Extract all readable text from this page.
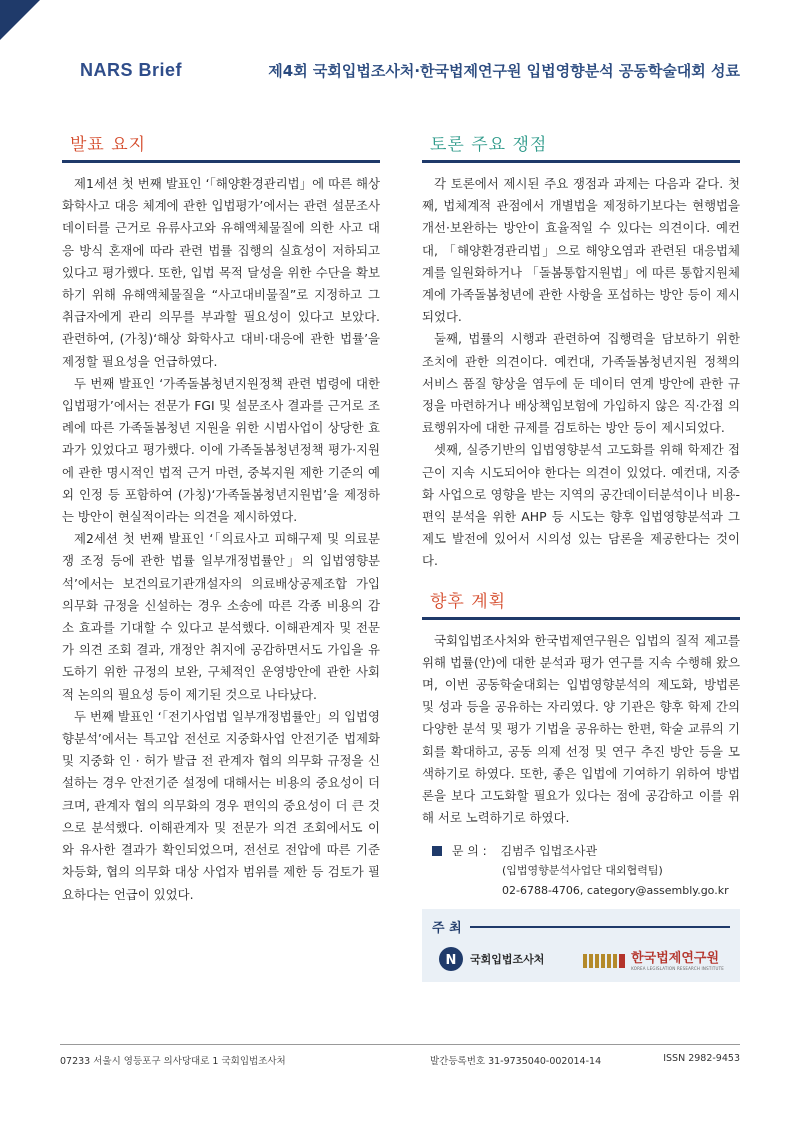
NARS Brief	제4회 국회입법조사처·한국법제연구원 입법영향분석 공동학술대회 성료
발표 요지

제1세션 첫 번째 발표인 ‘「해양환경관리법」에 따른 해상화학사고 대응 체계에 관한 입법평가’에서는 관련 설문조사 데이터를 근거로 유류사고와 유해액체물질에 의한 사고 대응 방식 혼재에 따라 관련 법률 집행의 실효성이 저하되고 있다고 평가했다. 또한, 입법 목적 달성을 위한 수단을 확보하기 위해 유해액체물질을 “사고대비물질”로 지정하고 그 취급자에게 관리 의무를 부과할 필요성이 있다고 보았다. 관련하여, (가칭)‘해상 화학사고 대비·대응에 관한 법률’을 제정할 필요성을 언급하였다.

두 번째 발표인 ‘가족돌봄청년지원정책 관련 법령에 대한 입법평가’에서는 전문가 FGI 및 설문조사 결과를 근거로 조례에 따른 가족돌봄청년 지원을 위한 시범사업이 상당한 효과가 있었다고 평가했다. 이에 가족돌봄청년정책 평가·지원에 관한 명시적인 법적 근거 마련, 중복지원 제한 기준의 예외 인정 등 포함하여 (가칭)‘가족돌봄청년지원법’을 제정하는 방안이 현실적이라는 의견을 제시하였다.

제2세션 첫 번째 발표인 ‘「의료사고 피해구제 및 의료분쟁 조정 등에 관한 법률 일부개정법률안」의 입법영향분석’에서는 보건의료기관개설자의 의료배상공제조합 가입 의무화 규정을 신설하는 경우 소송에 따른 각종 비용의 감소 효과를 기대할 수 있다고 분석했다. 이해관계자 및 전문가 의견 조회 결과, 개정안 취지에 공감하면서도 가입을 유도하기 위한 규정의 보완, 구체적인 운영방안에 관한 사회적 논의의 필요성 등이 제기된 것으로 나타났다.

두 번째 발표인 ‘「전기사업법 일부개정법률안」의 입법영향분석’에서는 특고압 전선로 지중화사업 안전기준 법제화 및 지중화 인 · 허가 발급 전 관계자 협의 의무화 규정을 신설하는 경우 안전기준 설정에 대해서는 비용의 중요성이 더 크며, 관계자 협의 의무화의 경우 편익의 중요성이 더 큰 것으로 분석했다. 이해관계자 및 전문가 의견 조회에서도 이와 유사한 결과가 확인되었으며, 전선로 전압에 따른 기준 차등화, 협의 의무화 대상 사업자 범위를 제한 등 검토가 필요하다는 언급이 있었다.

토론 주요 쟁점

각 토론에서 제시된 주요 쟁점과 과제는 다음과 같다. 첫째, 법체계적 관점에서 개별법을 제정하기보다는 현행법을 개선·보완하는 방안이 효율적일 수 있다는 의견이다. 예컨대, 「해양환경관리법」으로 해양오염과 관련된 대응법체계를 일원화하거나 「돌봄통합지원법」에 따른 통합지원체계에 가족돌봄청년에 관한 사항을 포섭하는 방안 등이 제시되었다.

둘째, 법률의 시행과 관련하여 집행력을 담보하기 위한 조치에 관한 의견이다. 예컨대, 가족돌봄청년지원 정책의 서비스 품질 향상을 염두에 둔 데이터 연계 방안에 관한 규정을 마련하거나 배상책임보험에 가입하지 않은 직·간접 의료행위자에 대한 규제를 검토하는 방안 등이 제시되었다.

셋째, 실증기반의 입법영향분석 고도화를 위해 학제간 접근이 지속 시도되어야 한다는 의견이 있었다. 예컨대, 지중화 사업으로 영향을 받는 지역의 공간데이터분석이나 비용-편익 분석을 위한 AHP 등 시도는 향후 입법영향분석과 그 제도 발전에 있어서 시의성 있는 담론을 제공한다는 것이다.

향후 계획

국회입법조사처와 한국법제연구원은 입법의 질적 제고를 위해 법률(안)에 대한 분석과 평가 연구를 지속 수행해 왔으며, 이번 공동학술대회는 입법영향분석의 제도화, 방법론 및 성과 등을 공유하는 자리였다. 양 기관은 향후 학제 간의 다양한 분석 및 평가 기법을 공유하는 한편, 학술 교류의 기회를 확대하고, 공동 의제 선정 및 연구 추진 방안 등을 모색하기로 하였다. 또한, 좋은 입법에 기여하기 위하여 방법론을 보다 고도화할 필요가 있다는 점에 공감하고 이를 위해 서로 노력하기로 하였다.

문 의 : 김범주 입법조사관
(입법영향분석사업단 대외협력팀)
02-6788-4706, category@assembly.go.kr
주 최
N 국회입법조사처	한국법제연구원
KOREA LEGISLATION RESEARCH INSTITUTE
07233 서울시 영등포구 의사당대로 1 국회입법조사처	발간등록번호 31-9735040-002014-14	ISSN 2982-9453
